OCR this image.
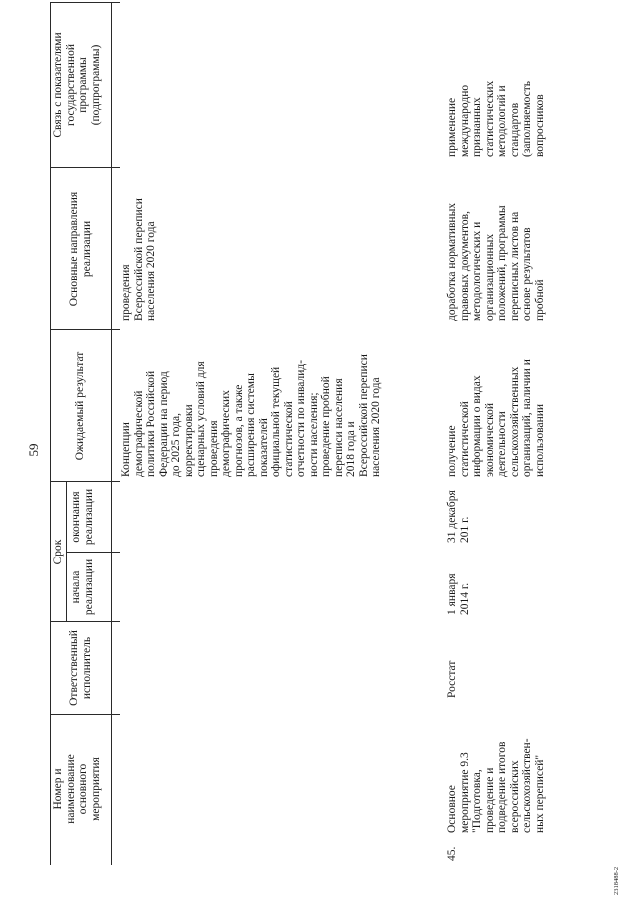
59
Номер и
наименование
основного
мероприятия
Ответственный
исполнитель
Срок
начала
реализации
окончания
реализации
Ожидаемый результат
Основные направления
реализации
Связь с показателями
государственной
программы
(подпрограммы)
Концепции
демографической
политики Российской
Федерации на период
до 2025 года,
корректировки
сценарных условий для
проведения
демографических
прогнозов, а также
расширения системы
показателей
официальной текущей
статистической
отчетности по инвалид-
ности населения;
проведение пробной
переписи населения
2018 года и
Всероссийской переписи
населения 2020 года
проведения
Всероссийской переписи
населения 2020 года
45.
Основное
мероприятие 9.3
"Подготовка,
проведение и
подведение итогов
всероссийских
сельскохозяйствен-
ных переписей"
Росстат
1 января
2014 г.
31 декабря
201 г.
получение
статистической
информации о видах
экономической
деятельности
сельскохозяйственных
организаций, наличии и
использовании
доработка нормативных
правовых документов,
методологических и
организационных
положений, программы
переписных листов на
основе результатов
пробной
применение
международно
признанных
статистических
методологий и
стандартов
(заполняемость
вопросников
2318488-2
